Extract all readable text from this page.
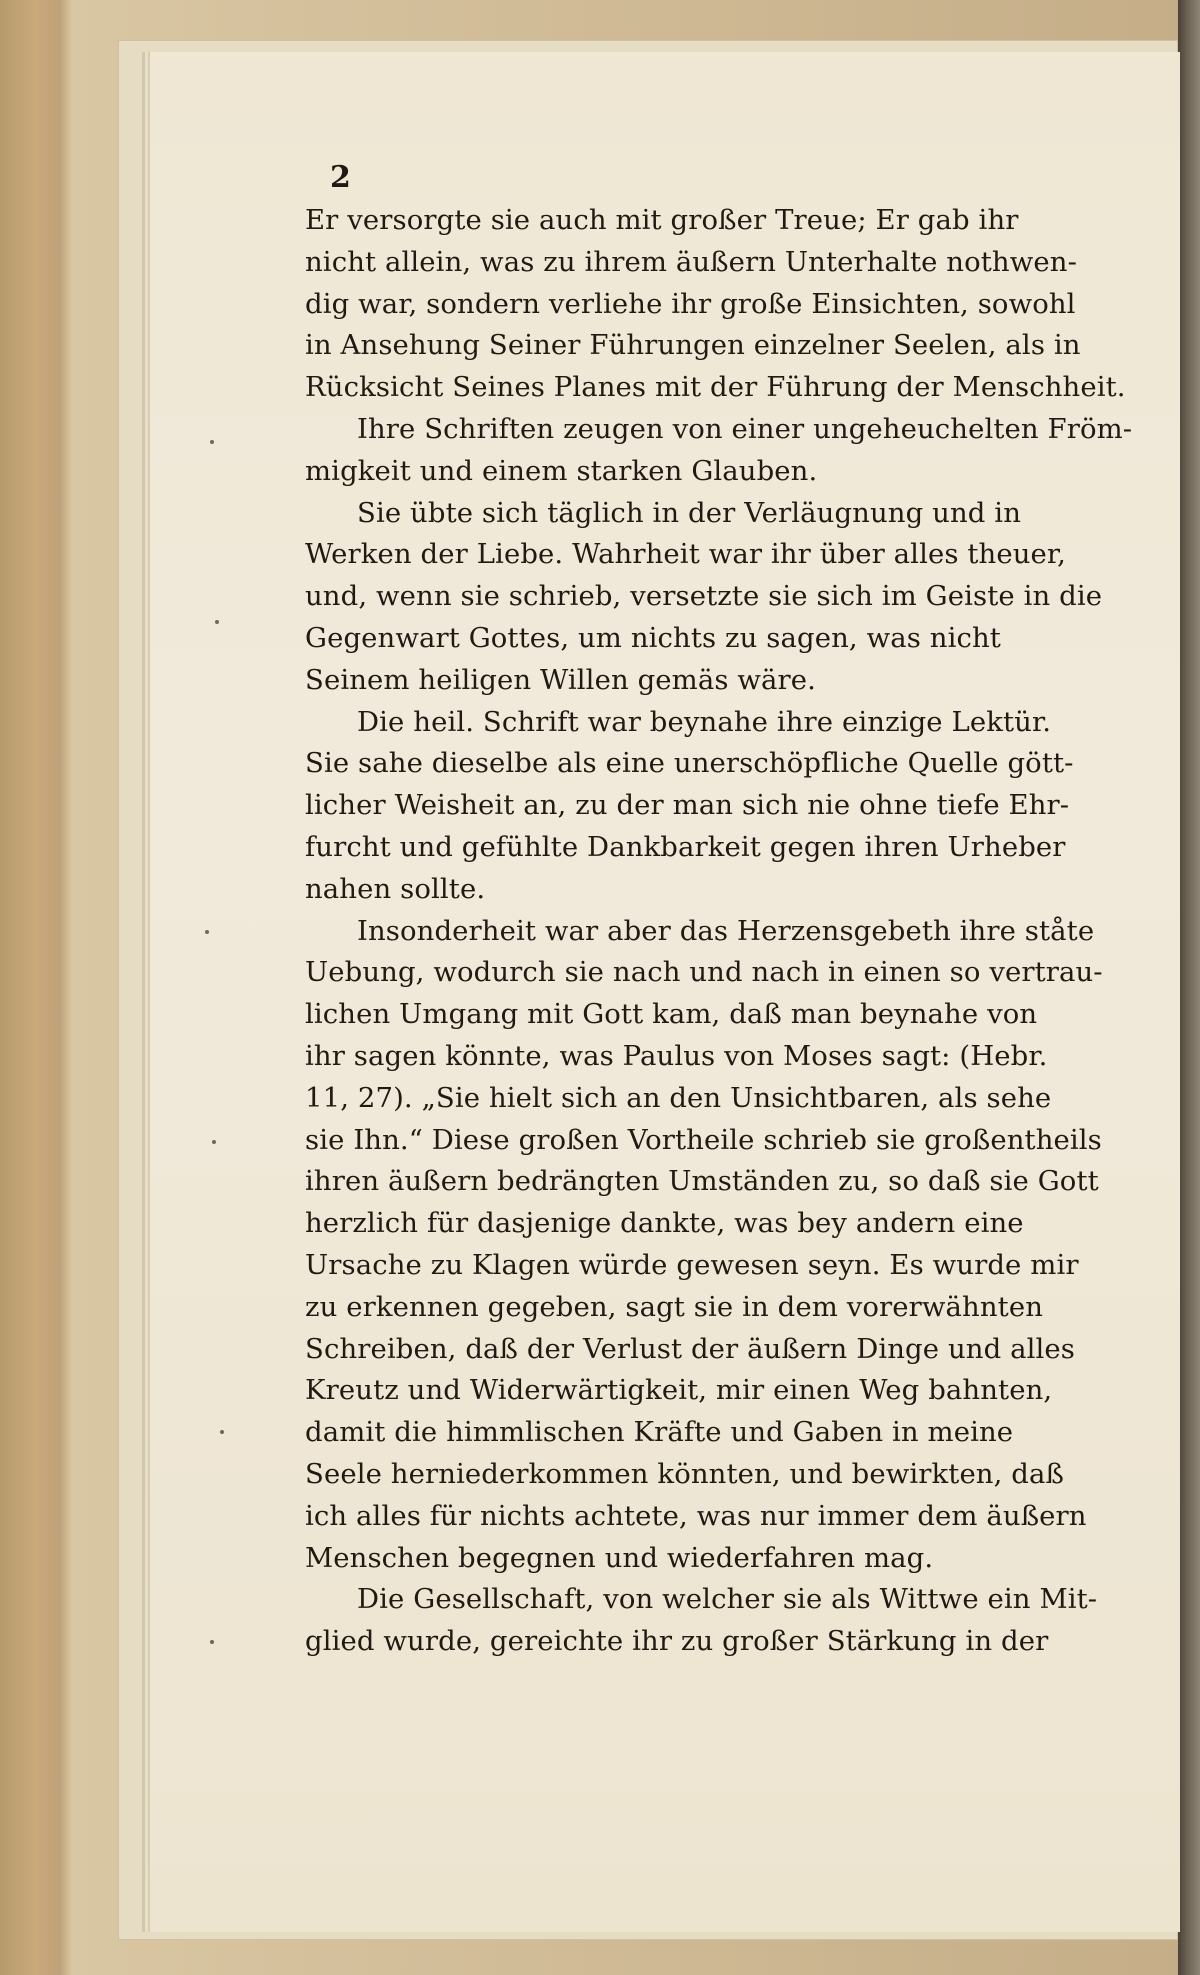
2
Er versorgte sie auch mit großer Treue; Er gab ihr
nicht allein, was zu ihrem äußern Unterhalte nothwen-
dig war, sondern verliehe ihr große Einsichten, sowohl
in Ansehung Seiner Führungen einzelner Seelen, als in
Rücksicht Seines Planes mit der Führung der Menschheit.
Ihre Schriften zeugen von einer ungeheuchelten Fröm-
migkeit und einem starken Glauben.
Sie übte sich täglich in der Verläugnung und in
Werken der Liebe. Wahrheit war ihr über alles theuer,
und, wenn sie schrieb, versetzte sie sich im Geiste in die
Gegenwart Gottes, um nichts zu sagen, was nicht
Seinem heiligen Willen gemäs wäre.
Die heil. Schrift war beynahe ihre einzige Lektür.
Sie sahe dieselbe als eine unerschöpfliche Quelle gött-
licher Weisheit an, zu der man sich nie ohne tiefe Ehr-
furcht und gefühlte Dankbarkeit gegen ihren Urheber
nahen sollte.
Insonderheit war aber das Herzensgebeth ihre ståte
Uebung, wodurch sie nach und nach in einen so vertrau-
lichen Umgang mit Gott kam, daß man beynahe von
ihr sagen könnte, was Paulus von Moses sagt: (Hebr.
11, 27). „Sie hielt sich an den Unsichtbaren, als sehe
sie Ihn.“ Diese großen Vortheile schrieb sie großentheils
ihren äußern bedrängten Umständen zu, so daß sie Gott
herzlich für dasjenige dankte, was bey andern eine
Ursache zu Klagen würde gewesen seyn. Es wurde mir
zu erkennen gegeben, sagt sie in dem vorerwähnten
Schreiben, daß der Verlust der äußern Dinge und alles
Kreutz und Widerwärtigkeit, mir einen Weg bahnten,
damit die himmlischen Kräfte und Gaben in meine
Seele herniederkommen könnten, und bewirkten, daß
ich alles für nichts achtete, was nur immer dem äußern
Menschen begegnen und wiederfahren mag.
Die Gesellschaft, von welcher sie als Wittwe ein Mit-
glied wurde, gereichte ihr zu großer Stärkung in der
